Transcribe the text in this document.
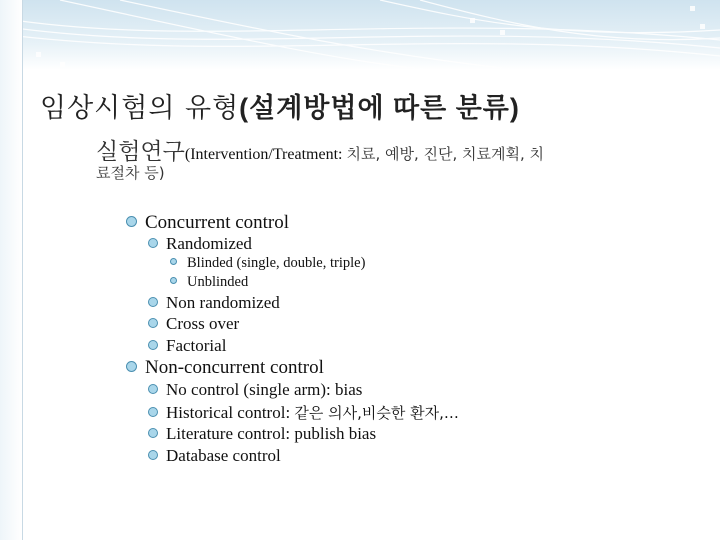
임상시험의 유형(설계방법에 따른 분류)
실험연구(Intervention/Treatment: 치료, 예방, 진단, 치료계획, 치
료절차 등)
Concurrent control
Randomized
Blinded (single, double, triple)
Unblinded
Non randomized
Cross over
Factorial
Non-concurrent control
No control (single arm): bias
Historical control: 같은 의사,비슷한 환자,…
Literature control: publish bias
Database control
